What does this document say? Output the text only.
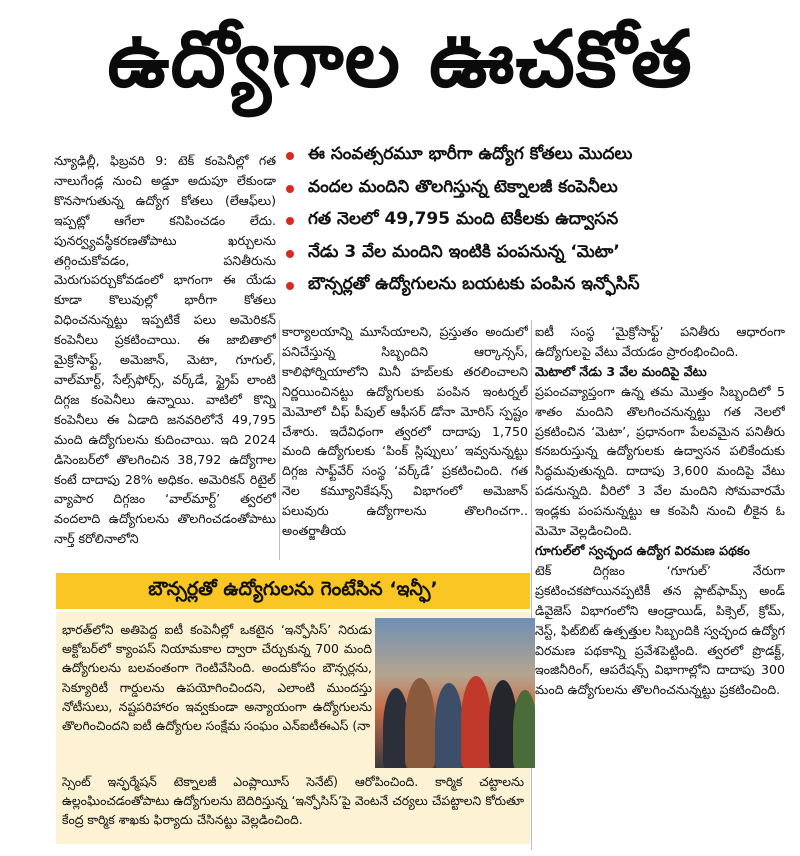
ఉద్యోగాల ఊచకోత
ఈ సంవత్సరమూ భారీగా ఉద్యోగ కోతలు మొదలు
వందల మందిని తొలగిస్తున్న టెక్నాలజీ కంపెనీలు
గత నెలలో 49,795 మంది టెకీలకు ఉద్వాసన
నేడు 3 వేల మందిని ఇంటికి పంపనున్న ‘మెటా’
బౌన్సర్లతో ఉద్యోగులను బయటకు పంపిన ఇన్ఫోసిస్

న్యూఢిల్లీ, ఫిబ్రవరి 9: టెక్ కంపెనీల్లో గత నాలుగేండ్ల నుంచి అడ్డూ అదుపూ లేకుండా కొనసాగుతున్న ఉద్యోగ కోతలు (లేఆఫ్‌లు) ఇప్పట్లో ఆగేలా కనిపించడం లేదు. పునర్వ్యవస్థీకరణతోపాటు ఖర్చులను తగ్గించుకోవడం, పనితీరును మెరుగుపర్చుకోవడంలో భాగంగా ఈ యేడు కూడా కొలువుల్లో భారీగా కోతలు విధించనున్నట్టు ఇప్పటికే పలు అమెరికన్ కంపెనీలు ప్రకటించాయి. ఈ జాబితాలో మైక్రోసాఫ్ట్, అమెజాన్, మెటా, గూగుల్, వాల్‌మార్ట్, సేల్స్‌ఫోర్స్, వర్క్‌డే, స్ట్రైప్ లాంటి దిగ్గజ కంపెనీలు ఉన్నాయి. వాటిలో కొన్ని కంపెనీలు ఈ ఏడాది జనవరిలోనే 49,795 మంది ఉద్యోగులను కుదించాయి. ఇది 2024 డిసెంబర్‌లో తొలగించిన 38,792 ఉద్యోగాల కంటే దాదాపు 28% అధికం. అమెరికన్ రిటైల్ వ్యాపార దిగ్గజం ‘వాల్‌మార్ట్’ త్వరలో వందలాది ఉద్యోగులను తొలగించడంతోపాటు నార్త్ కరోలినాలోని

కార్యాలయాన్ని మూసేయాలని, ప్రస్తుతం అందులో పనిచేస్తున్న సిబ్బందిని ఆర్కాన్సస్, కాలిఫోర్నియాలోని మినీ హబ్‌లకు తరలించాలని నిర్ణయించినట్టు ఉద్యోగులకు పంపిన ఇంటర్నల్ మెమోలో చీఫ్ పీపుల్ ఆఫీసర్ డోనా మోరిస్ స్పష్టం చేశారు. ఇదేవిధంగా త్వరలో దాదాపు 1,750 మంది ఉద్యోగులకు ‘పింక్ స్లిప్పులు’ ఇవ్వనున్నట్టు దిగ్గజ సాఫ్ట్‌వేర్ సంస్థ ‘వర్క్‌డే’ ప్రకటించింది. గత నెల కమ్యూనికేషన్స్ విభాగంలో అమెజాన్ పలువురు ఉద్యోగాలను తొలగించగా.. అంతర్జాతీయ

ఐటీ సంస్థ ‘మైక్రోసాఫ్ట్’ పనితీరు ఆధారంగా ఉద్యోగులపై వేటు వేయడం ప్రారంభించింది.

మెటాలో నేడు 3 వేల మందిపై వేటు

ప్రపంచవ్యాప్తంగా ఉన్న తమ మొత్తం సిబ్బందిలో 5 శాతం మందిని తొలగించనున్నట్టు గత నెలలో ప్రకటించిన ‘మెటా’, ప్రధానంగా పేలవమైన పనితీరు కనబరుస్తున్న ఉద్యోగులకు ఉద్వాసన పలికేందుకు సిద్ధమవుతున్నది. దాదాపు 3,600 మందిపై వేటు పడనున్నది. వీరిలో 3 వేల మందిని సోమవారమే ఇండ్లకు పంపనున్నట్టు ఆ కంపెనీ నుంచి లీకైన ఓ మెమో వెల్లడించింది.

గూగుల్‌లో స్వచ్ఛంద ఉద్యోగ విరమణ పథకం

టెక్ దిగ్గజం ‘గూగుల్’ నేరుగా ప్రకటించకపోయినప్పటికీ తన ప్లాట్‌ఫామ్స్ అండ్ డివైజెస్ విభాగంలోని ఆండ్రాయిడ్, పిక్సెల్, క్రోమ్, నెస్ట్, ఫిట్‌బిట్ ఉత్పత్తుల సిబ్బందికి స్వచ్ఛంద ఉద్యోగ విరమణ పథకాన్ని ప్రవేశపెట్టింది. త్వరలో ప్రొడక్ట్, ఇంజినీరింగ్, ఆపరేషన్స్ విభాగాల్లోని దాదాపు 300 మంది ఉద్యోగులను తొలగించనున్నట్టు ప్రకటించింది.

బౌన్సర్లతో ఉద్యోగులను గెంటేసిన ‘ఇన్ఫీ’

భారత్‌లోని అతిపెద్ద ఐటీ కంపెనీల్లో ఒకటైన ‘ఇన్ఫోసిస్’ నిరుడు అక్టోబర్‌లో క్యాంపస్ నియామకాల ద్వారా చేర్చుకున్న 700 మంది ఉద్యోగులను బలవంతంగా గెంటివేసింది. అందుకోసం బౌన్సర్లను, సెక్యూరిటీ గార్డులను ఉపయోగించిందని, ఎలాంటి ముందస్తు నోటీసులు, నష్టపరిహారం ఇవ్వకుండా అన్యాయంగా ఉద్యోగులను తొలగించిందని ఐటీ ఉద్యోగుల సంక్షేమ సంఘం ఎన్‌ఐటీఈఎస్ (నా

స్సెంట్ ఇన్ఫర్మేషన్ టెక్నాలజీ ఎంప్లాయీస్ సెనేట్) ఆరోపించింది. కార్మిక చట్టాలను ఉల్లంఘించడంతోపాటు ఉద్యోగులను బెదిరిస్తున్న ‘ఇన్ఫోసిస్’పై వెంటనే చర్యలు చేపట్టాలని కోరుతూ కేంద్ర కార్మిక శాఖకు ఫిర్యాదు చేసినట్టు వెల్లడించింది.
